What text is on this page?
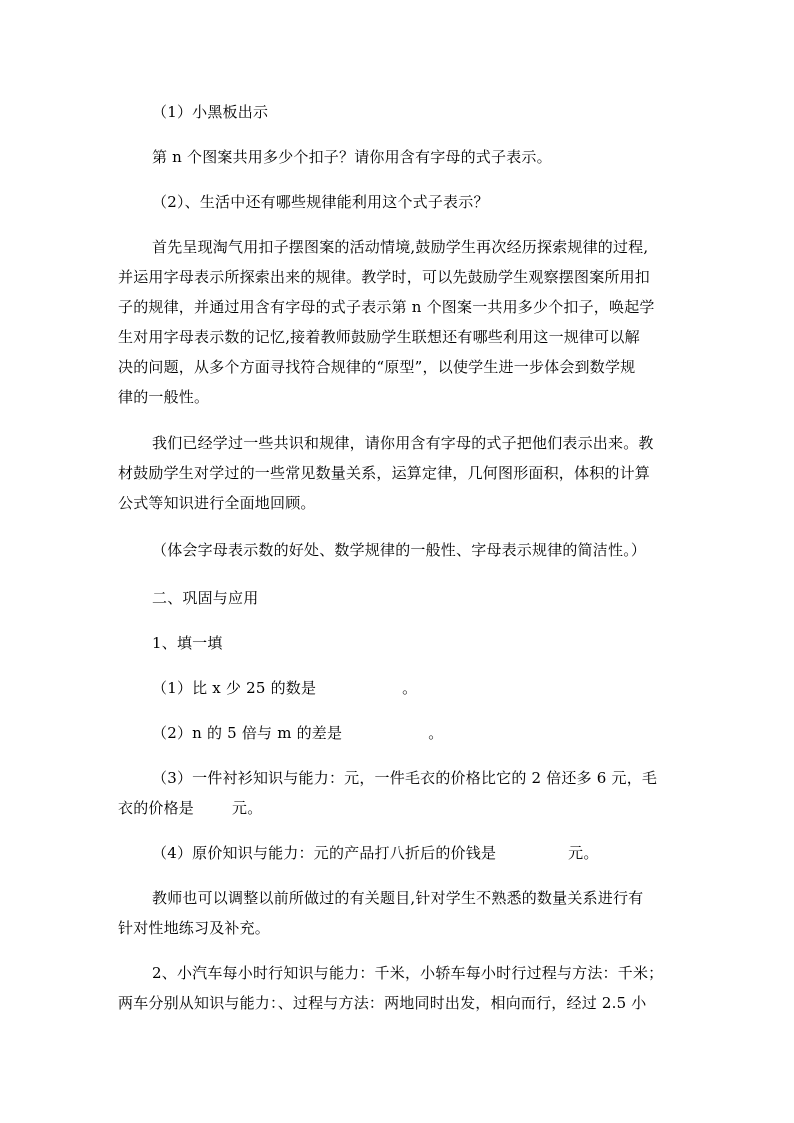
（1）小黑板出示
第 n 个图案共用多少个扣子？请你用含有字母的式子表示。
（2）、生活中还有哪些规律能利用这个式子表示？
首先呈现淘气用扣子摆图案的活动情境,鼓励学生再次经历探索规律的过程,
并运用字母表示所探索出来的规律。教学时，可以先鼓励学生观察摆图案所用扣
子的规律，并通过用含有字母的式子表示第 n 个图案一共用多少个扣子，唤起学
生对用字母表示数的记忆,接着教师鼓励学生联想还有哪些利用这一规律可以解
决的问题，从多个方面寻找符合规律的“原型”，以使学生进一步体会到数学规
律的一般性。
我们已经学过一些共识和规律，请你用含有字母的式子把他们表示出来。教
材鼓励学生对学过的一些常见数量关系，运算定律，几何图形面积，体积的计算
公式等知识进行全面地回顾。
（体会字母表示数的好处、数学规律的一般性、字母表示规律的简洁性。）
二、巩固与应用
1、填一填
（1）比 x 少 25 的数是	。
（2）n 的 5 倍与 m 的差是	。
（3）一件衬衫知识与能力：元，一件毛衣的价格比它的 2 倍还多 6 元，毛
衣的价格是	元。
（4）原价知识与能力：元的产品打八折后的价钱是	元。
教师也可以调整以前所做过的有关题目,针对学生不熟悉的数量关系进行有
针对性地练习及补充。
2、小汽车每小时行知识与能力：千米，小轿车每小时行过程与方法：千米；
两车分别从知识与能力：、过程与方法：两地同时出发，相向而行，经过 2.5 小
